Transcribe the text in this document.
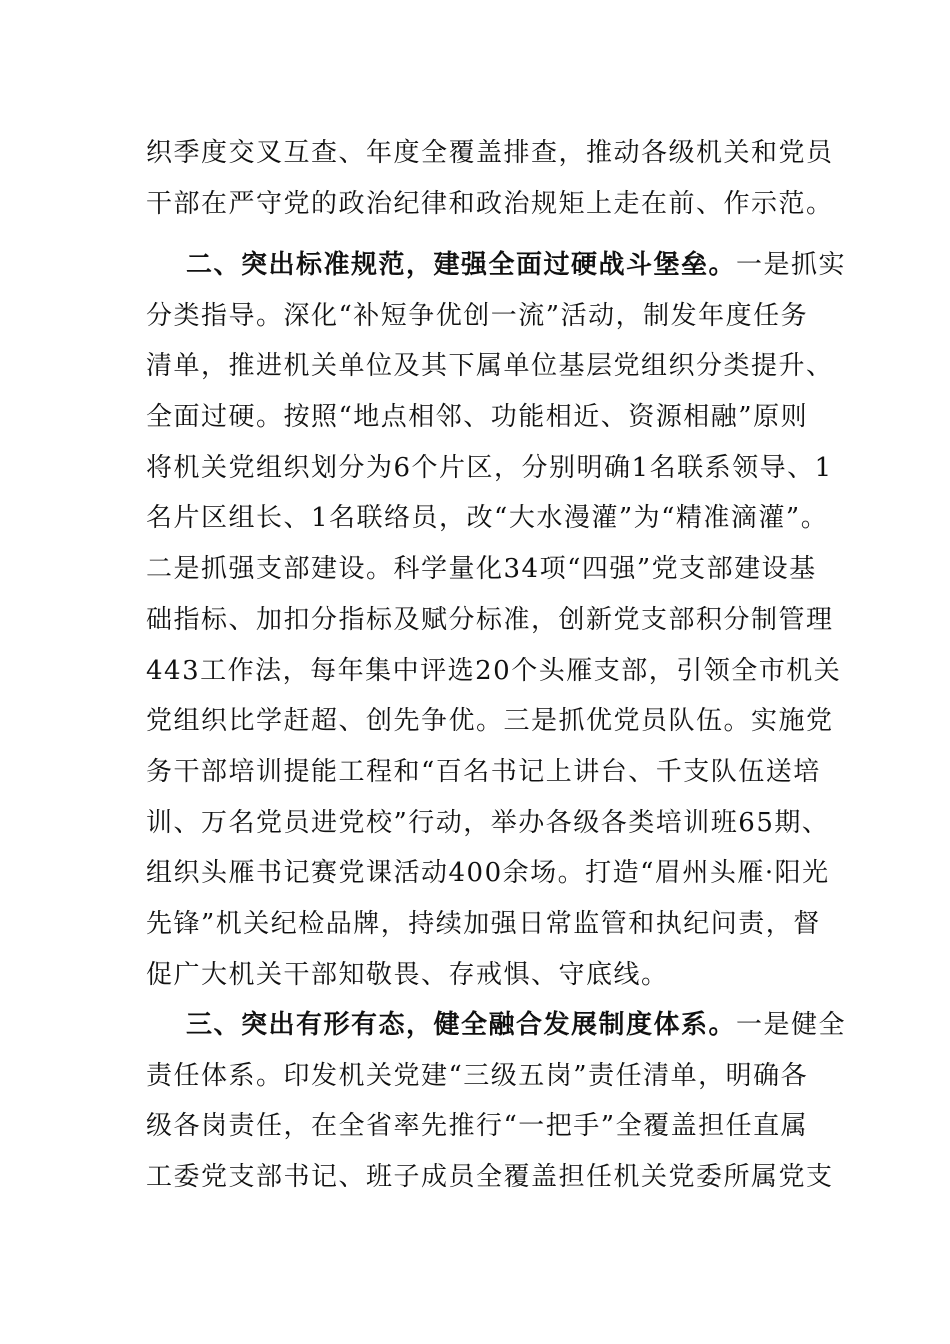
织季度交叉互查、年度全覆盖排查，推动各级机关和党员
干部在严守党的政治纪律和政治规矩上走在前、作示范。
二、突出标准规范，建强全面过硬战斗堡垒。一是抓实
分类指导。深化“补短争优创一流”活动，制发年度任务
清单，推进机关单位及其下属单位基层党组织分类提升、
全面过硬。按照“地点相邻、功能相近、资源相融”原则
将机关党组织划分为6个片区，分别明确1名联系领导、1
名片区组长、1名联络员，改“大水漫灌”为“精准滴灌”。
二是抓强支部建设。科学量化34项“四强”党支部建设基
础指标、加扣分指标及赋分标准，创新党支部积分制管理
443工作法，每年集中评选20个头雁支部，引领全市机关
党组织比学赶超、创先争优。三是抓优党员队伍。实施党
务干部培训提能工程和“百名书记上讲台、千支队伍送培
训、万名党员进党校”行动，举办各级各类培训班65期、
组织头雁书记赛党课活动400余场。打造“眉州头雁·阳光
先锋”机关纪检品牌，持续加强日常监管和执纪问责，督
促广大机关干部知敬畏、存戒惧、守底线。
三、突出有形有态，健全融合发展制度体系。一是健全
责任体系。印发机关党建“三级五岗”责任清单，明确各
级各岗责任，在全省率先推行“一把手”全覆盖担任直属
工委党支部书记、班子成员全覆盖担任机关党委所属党支
